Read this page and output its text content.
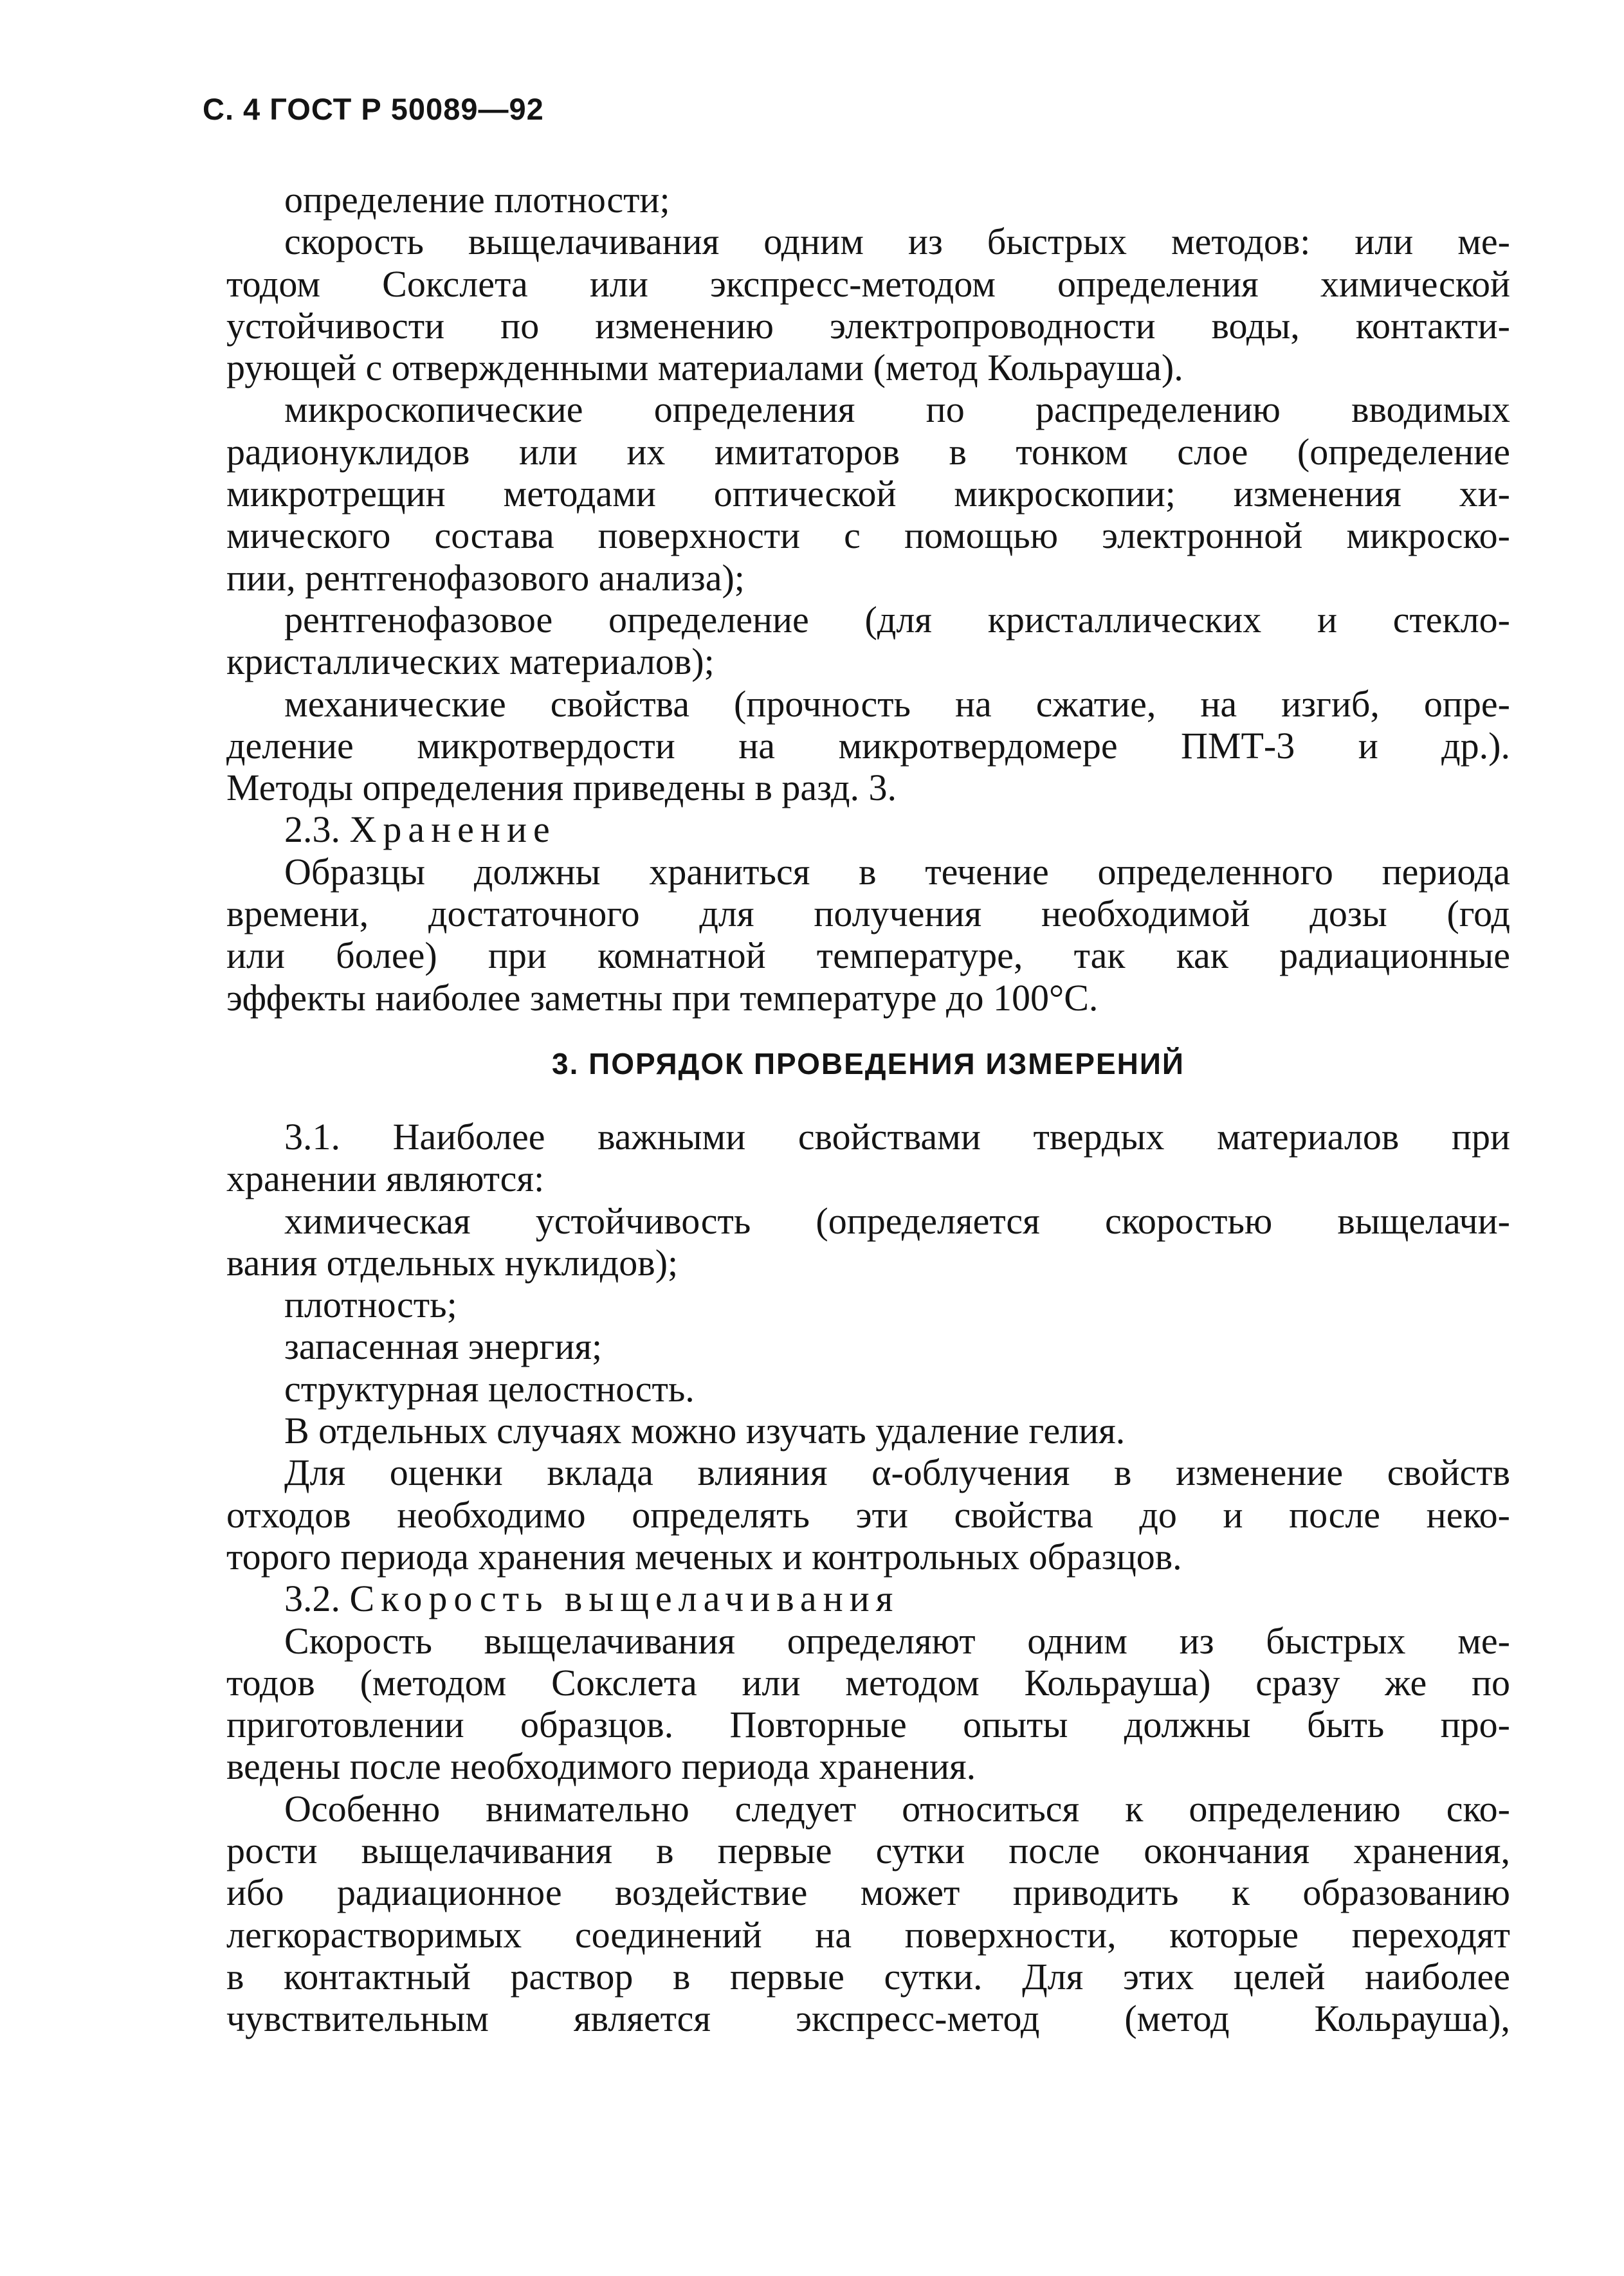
С. 4 ГОСТ Р 50089—92
определение плотности;
скорость выщелачивания одним из быстрых методов: или ме-
тодом Сокслета или экспресс-методом определения химической
устойчивости по изменению электропроводности воды, контакти-
рующей с отвержденными материалами (метод Кольрауша).
микроскопические определения по распределению вводимых
радионуклидов или их имитаторов в тонком слое (определение
микротрещин методами оптической микроскопии; изменения хи-
мического состава поверхности с помощью электронной микроско-
пии, рентгенофазового анализа);
рентгенофазовое определение (для кристаллических и стекло-
кристаллических материалов);
механические свойства (прочность на сжатие, на изгиб, опре-
деление микротвердости на микротвердомере ПМТ-3 и др.).
Методы определения приведены в разд. 3.
2.3. Хранение
Образцы должны храниться в течение определенного периода
времени, достаточного для получения необходимой дозы (год
или более) при комнатной температуре, так как радиационные
эффекты наиболее заметны при температуре до 100°C.
3. ПОРЯДОК ПРОВЕДЕНИЯ ИЗМЕРЕНИЙ
3.1. Наиболее важными свойствами твердых материалов при
хранении являются:
химическая устойчивость (определяется скоростью выщелачи-
вания отдельных нуклидов);
плотность;
запасенная энергия;
структурная целостность.
В отдельных случаях можно изучать удаление гелия.
Для оценки вклада влияния α-облучения в изменение свойств
отходов необходимо определять эти свойства до и после неко-
торого периода хранения меченых и контрольных образцов.
3.2. Скорость выщелачивания
Скорость выщелачивания определяют одним из быстрых ме-
тодов (методом Сокслета или методом Кольрауша) сразу же по
приготовлении образцов. Повторные опыты должны быть про-
ведены после необходимого периода хранения.
Особенно внимательно следует относиться к определению ско-
рости выщелачивания в первые сутки после окончания хранения,
ибо радиационное воздействие может приводить к образованию
легкорастворимых соединений на поверхности, которые переходят
в контактный раствор в первые сутки. Для этих целей наиболее
чувствительным является экспресс-метод (метод Кольрауша),
